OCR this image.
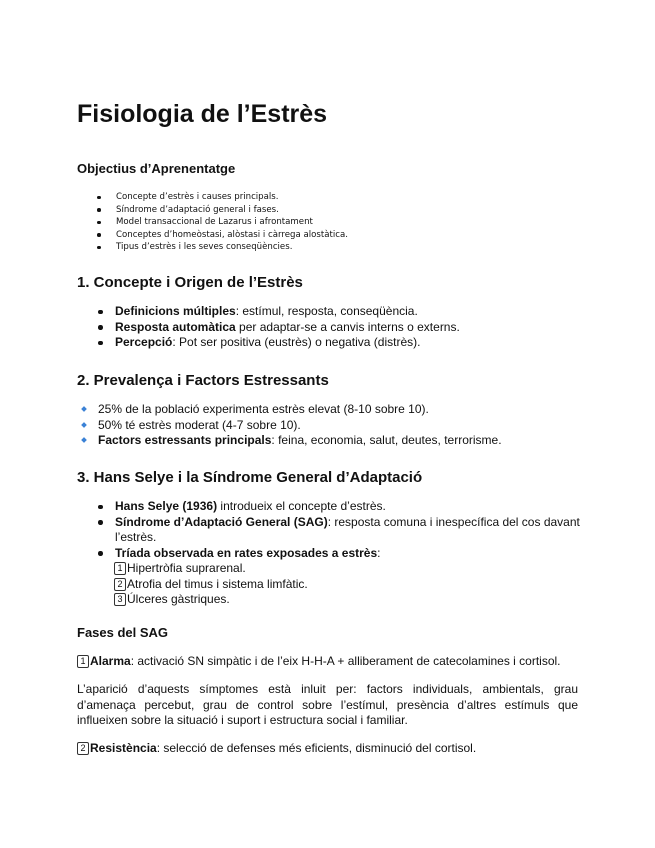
Fisiologia de l’Estrès
Objectius d’Aprenentatge
Concepte d’estrès i causes principals.
Síndrome d’adaptació general i fases.
Model transaccional de Lazarus i afrontament
Conceptes d’homeòstasi, alòstasi i càrrega alostàtica.
Tipus d’estrès i les seves conseqüències.
1. Concepte i Origen de l’Estrès
Definicions múltiples: estímul, resposta, conseqüència.
Resposta automàtica per adaptar-se a canvis interns o externs.
Percepció: Pot ser positiva (eustrès) o negativa (distrès).
2. Prevalença i Factors Estressants
25% de la població experimenta estrès elevat (8-10 sobre 10).
50% té estrès moderat (4-7 sobre 10).
Factors estressants principals: feina, economia, salut, deutes, terrorisme.
3. Hans Selye i la Síndrome General d’Adaptació
Hans Selye (1936) introdueix el concepte d’estrès.
Síndrome d’Adaptació General (SAG): resposta comuna i inespecífica del cos davant l’estrès.
Tríada observada en rates exposades a estrès:
1 Hipertròfia suprarenal.
2 Atrofia del timus i sistema limfàtic.
3 Úlceres gàstriques.
Fases del SAG

1 Alarma : activació SN simpàtic i de l’eix H-H-A + alliberament de catecolamines i cortisol.

L’aparició d’aquests símptomes està inluit per: factors individuals, ambientals, grau d’amenaça percebut, grau de control sobre l’estímul, presència d’altres estímuls que influeixen sobre la situació i suport i estructura social i familiar.

2 Resistència : selecció de defenses més eficients, disminució del cortisol.
